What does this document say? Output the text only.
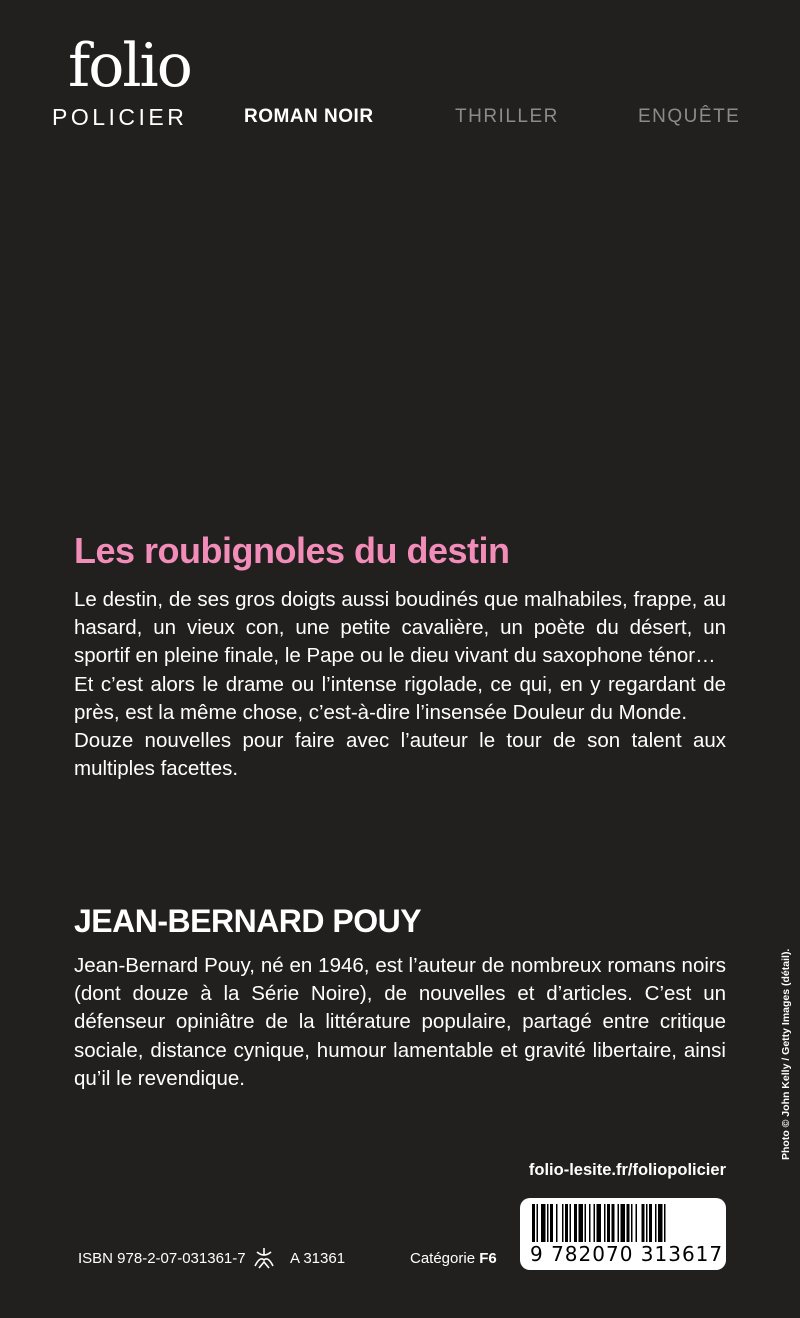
folio
POLICIER	ROMAN NOIR	THRILLER	ENQUÊTE
Les roubignoles du destin

Le destin, de ses gros doigts aussi boudinés que malhabiles, frappe, au hasard, un vieux con, une petite cavalière, un poète du désert, un sportif en pleine finale, le Pape ou le dieu vivant du saxophone ténor…

Et c’est alors le drame ou l’intense rigolade, ce qui, en y regardant de près, est la même chose, c’est-à-dire l’insensée Douleur du Monde.

Douze nouvelles pour faire avec l’auteur le tour de son talent aux multiples facettes.

JEAN-BERNARD POUY

Jean-Bernard Pouy, né en 1946, est l’auteur de nombreux romans noirs (dont douze à la Série Noire), de nouvelles et d’articles. C’est un défenseur opiniâtre de la littérature populaire, partagé entre critique sociale, distance cynique, humour lamentable et gravité libertaire, ainsi qu’il le revendique.

folio-lesite.fr/foliopolicier
Photo © John Kelly / Getty Images (détail).
ISBN 978-2-07-031361-7	A 31361	Catégorie F6 9 782070 313617
